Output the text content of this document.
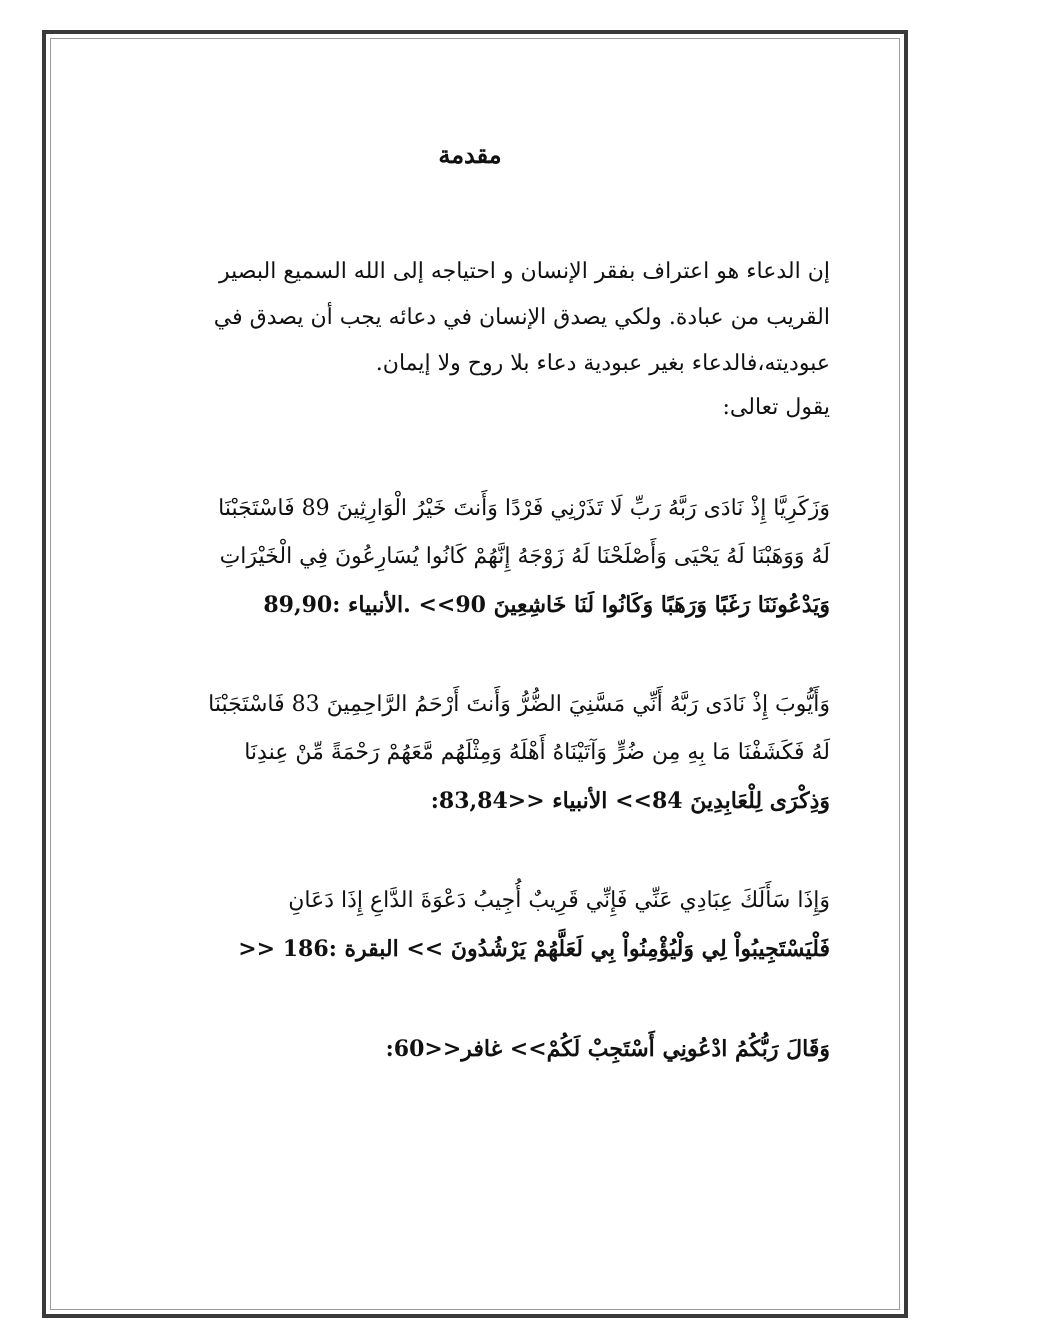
مقدمة

إن الدعاء هو اعتراف بفقر الإنسان و احتياجه إلى الله السميع البصير

القريب من عبادة. ولكي يصدق الإنسان في دعائه يجب أن يصدق في

عبوديته،فالدعاء بغير عبودية دعاء بلا روح ولا إيمان.

يقول تعالى:

وَزَكَرِيَّا إِذْ نَادَى رَبَّهُ رَبِّ لَا تَذَرْنِي فَرْدًا وَأَنتَ خَيْرُ الْوَارِثِينَ 89 فَاسْتَجَبْنَا

لَهُ وَوَهَبْنَا لَهُ يَحْيَى وَأَصْلَحْنَا لَهُ زَوْجَهُ إِنَّهُمْ كَانُوا يُسَارِعُونَ فِي الْخَيْرَاتِ

وَيَدْعُونَنَا رَغَبًا وَرَهَبًا وَكَانُوا لَنَا خَاشِعِينَ 90>> .الأنبياء :89,90

وَأَيُّوبَ إِذْ نَادَى رَبَّهُ أَنِّي مَسَّنِيَ الضُّرُّ وَأَنتَ أَرْحَمُ الرَّاحِمِينَ 83 فَاسْتَجَبْنَا

لَهُ فَكَشَفْنَا مَا بِهِ مِن ضُرٍّ وَآتَيْنَاهُ أَهْلَهُ وَمِثْلَهُم مَّعَهُمْ رَحْمَةً مِّنْ عِندِنَا

وَذِكْرَى لِلْعَابِدِينَ 84>> الأنبياء <<83,84:

وَإِذَا سَأَلَكَ عِبَادِي عَنِّي فَإِنِّي قَرِيبٌ أُجِيبُ دَعْوَةَ الدَّاعِ إِذَا دَعَانِ

فَلْيَسْتَجِيبُواْ لِي وَلْيُؤْمِنُواْ بِي لَعَلَّهُمْ يَرْشُدُونَ >> البقرة :186 <<

وَقَالَ رَبُّكُمُ ادْعُونِي أَسْتَجِبْ لَكُمْ>> غافر<<60:
